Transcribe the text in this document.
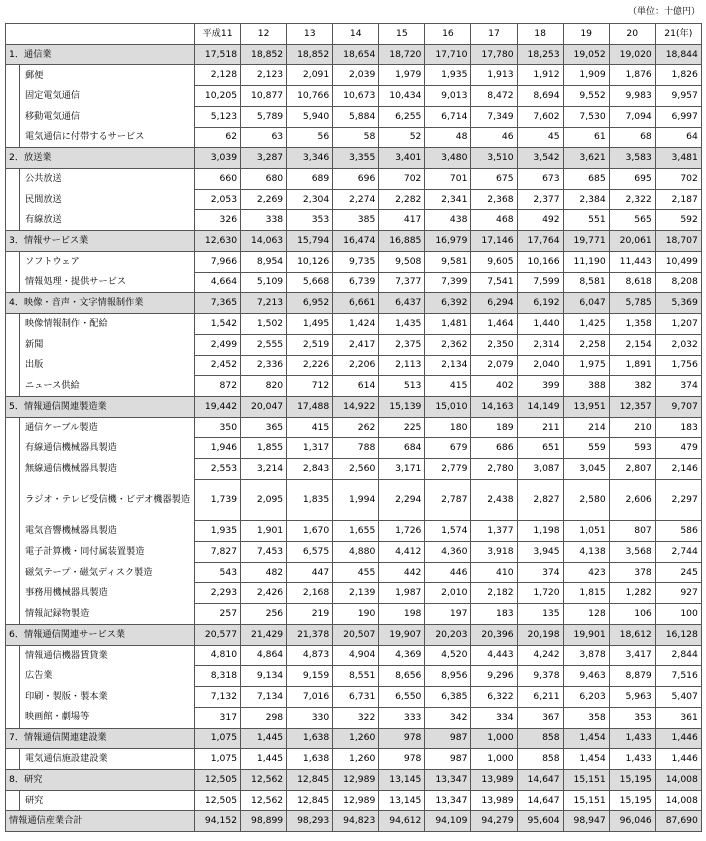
（単位：十億円）
	平成11	12	13	14	15	16	17	18	19	20	21(年)
1．通信業	17,518	18,852	18,852	18,654	18,720	17,710	17,780	18,253	19,052	19,020	18,844

郵便	2,128	2,123	2,091	2,039	1,979	1,935	1,913	1,912	1,909	1,876	1,826

固定電気通信	10,205	10,877	10,766	10,673	10,434	9,013	8,472	8,694	9,552	9,983	9,957

移動電気通信	5,123	5,789	5,940	5,884	6,255	6,714	7,349	7,602	7,530	7,094	6,997

電気通信に付帯するサービス	62	63	56	58	52	48	46	45	61	68	64
2．放送業	3,039	3,287	3,346	3,355	3,401	3,480	3,510	3,542	3,621	3,583	3,481

公共放送	660	680	689	696	702	701	675	673	685	695	702

民間放送	2,053	2,269	2,304	2,274	2,282	2,341	2,368	2,377	2,384	2,322	2,187

有線放送	326	338	353	385	417	438	468	492	551	565	592
3．情報サービス業	12,630	14,063	15,794	16,474	16,885	16,979	17,146	17,764	19,771	20,061	18,707

ソフトウェア	7,966	8,954	10,126	9,735	9,508	9,581	9,605	10,166	11,190	11,443	10,499

情報処理・提供サービス	4,664	5,109	5,668	6,739	7,377	7,399	7,541	7,599	8,581	8,618	8,208
4．映像・音声・文字情報制作業	7,365	7,213	6,952	6,661	6,437	6,392	6,294	6,192	6,047	5,785	5,369

映像情報制作・配給	1,542	1,502	1,495	1,424	1,435	1,481	1,464	1,440	1,425	1,358	1,207

新聞	2,499	2,555	2,519	2,417	2,375	2,362	2,350	2,314	2,258	2,154	2,032

出版	2,452	2,336	2,226	2,206	2,113	2,134	2,079	2,040	1,975	1,891	1,756

ニュース供給	872	820	712	614	513	415	402	399	388	382	374
5．情報通信関連製造業	19,442	20,047	17,488	14,922	15,139	15,010	14,163	14,149	13,951	12,357	9,707

通信ケーブル製造	350	365	415	262	225	180	189	211	214	210	183

有線通信機械器具製造	1,946	1,855	1,317	788	684	679	686	651	559	593	479

無線通信機械器具製造	2,553	3,214	2,843	2,560	3,171	2,779	2,780	3,087	3,045	2,807	2,146

ラジオ・テレビ受信機・ビデオ機器製造	1,739	2,095	1,835	1,994	2,294	2,787	2,438	2,827	2,580	2,606	2,297

電気音響機械器具製造	1,935	1,901	1,670	1,655	1,726	1,574	1,377	1,198	1,051	807	586

電子計算機・同付属装置製造	7,827	7,453	6,575	4,880	4,412	4,360	3,918	3,945	4,138	3,568	2,744

磁気テープ・磁気ディスク製造	543	482	447	455	442	446	410	374	423	378	245

事務用機械器具製造	2,293	2,426	2,168	2,139	1,987	2,010	2,182	1,720	1,815	1,282	927

情報記録物製造	257	256	219	190	198	197	183	135	128	106	100
6．情報通信関連サービス業	20,577	21,429	21,378	20,507	19,907	20,203	20,396	20,198	19,901	18,612	16,128

情報通信機器賃貸業	4,810	4,864	4,873	4,904	4,369	4,520	4,443	4,242	3,878	3,417	2,844

広告業	8,318	9,134	9,159	8,551	8,656	8,956	9,296	9,378	9,463	8,879	7,516

印刷・製版・製本業	7,132	7,134	7,016	6,731	6,550	6,385	6,322	6,211	6,203	5,963	5,407

映画館・劇場等	317	298	330	322	333	342	334	367	358	353	361
7．情報通信関連建設業	1,075	1,445	1,638	1,260	978	987	1,000	858	1,454	1,433	1,446

電気通信施設建設業	1,075	1,445	1,638	1,260	978	987	1,000	858	1,454	1,433	1,446
8．研究	12,505	12,562	12,845	12,989	13,145	13,347	13,989	14,647	15,151	15,195	14,008

研究	12,505	12,562	12,845	12,989	13,145	13,347	13,989	14,647	15,151	15,195	14,008
情報通信産業合計	94,152	98,899	98,293	94,823	94,612	94,109	94,279	95,604	98,947	96,046	87,690
